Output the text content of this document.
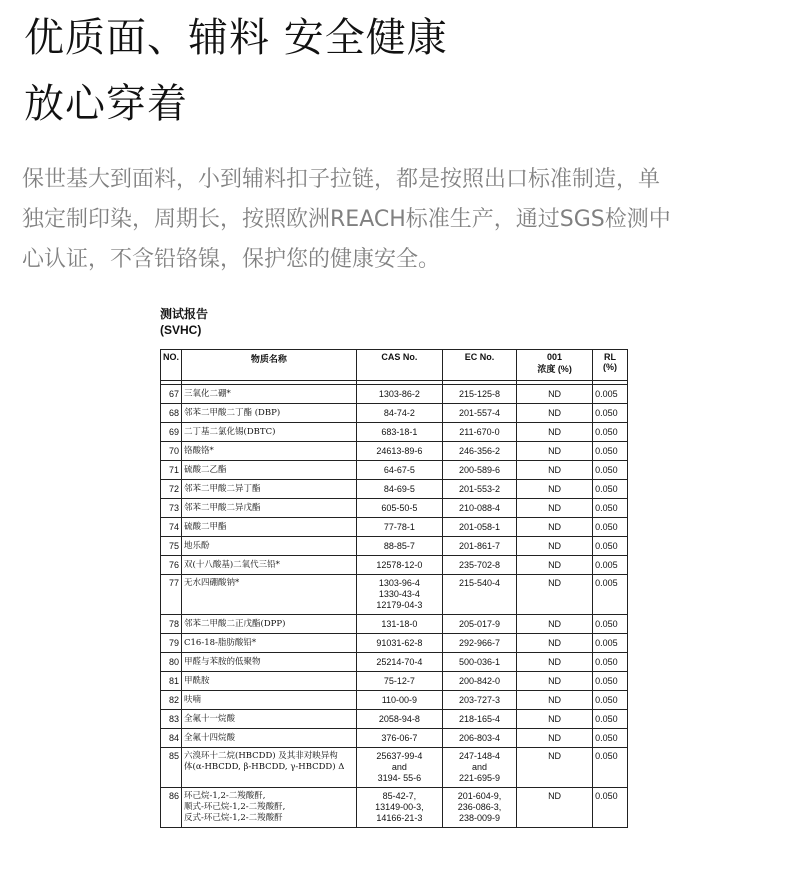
优质面、辅料 安全健康
放心穿着

保世基大到面料，小到辅料扣子拉链，都是按照出口标准制造，单
独定制印染，周期长，按照欧洲REACH标准生产，通过SGS检测中
心认证，不含铅铬镍，保护您的健康安全。

测试报告
(SVHC)
NO.	物质名称	CAS No.	EC No.	001
浓度 (%)	RL
(%)

67	三氧化二硼*	1303-86-2	215-125-8	ND	0.005
68	邻苯二甲酸二丁酯 (DBP)	84-74-2	201-557-4	ND	0.050
69	二丁基二氯化锡(DBTC)	683-18-1	211-670-0	ND	0.050
70	铬酸铬*	24613-89-6	246-356-2	ND	0.050
71	硫酸二乙酯	64-67-5	200-589-6	ND	0.050
72	邻苯二甲酸二异丁酯	84-69-5	201-553-2	ND	0.050
73	邻苯二甲酸二异戊酯	605-50-5	210-088-4	ND	0.050
74	硫酸二甲酯	77-78-1	201-058-1	ND	0.050
75	地乐酚	88-85-7	201-861-7	ND	0.050
76	双(十八酸基)二氧代三铅*	12578-12-0	235-702-8	ND	0.005
77	无水四硼酸钠*	1303-96-4
1330-43-4
12179-04-3	215-540-4	ND	0.005
78	邻苯二甲酸二正戊酯(DPP)	131-18-0	205-017-9	ND	0.050
79	C16-18-脂肪酸铅*	91031-62-8	292-966-7	ND	0.005
80	甲醛与苯胺的低聚物	25214-70-4	500-036-1	ND	0.050
81	甲酰胺	75-12-7	200-842-0	ND	0.050
82	呋喃	110-00-9	203-727-3	ND	0.050
83	全氟十一烷酸	2058-94-8	218-165-4	ND	0.050
84	全氟十四烷酸	376-06-7	206-803-4	ND	0.050
85	六溴环十二烷(HBCDD) 及其非对映异构
体(α-HBCDD, β-HBCDD, γ-HBCDD) Δ	25637-99-4
and
3194- 55-6	247-148-4
and
221-695-9	ND	0.050
86	环己烷-1,2-二羧酸酐,
顺式-环己烷-1,2-二羧酸酐,
反式-环己烷-1,2-二羧酸酐	85-42-7,
13149-00-3,
14166-21-3	201-604-9,
236-086-3,
238-009-9	ND	0.050
